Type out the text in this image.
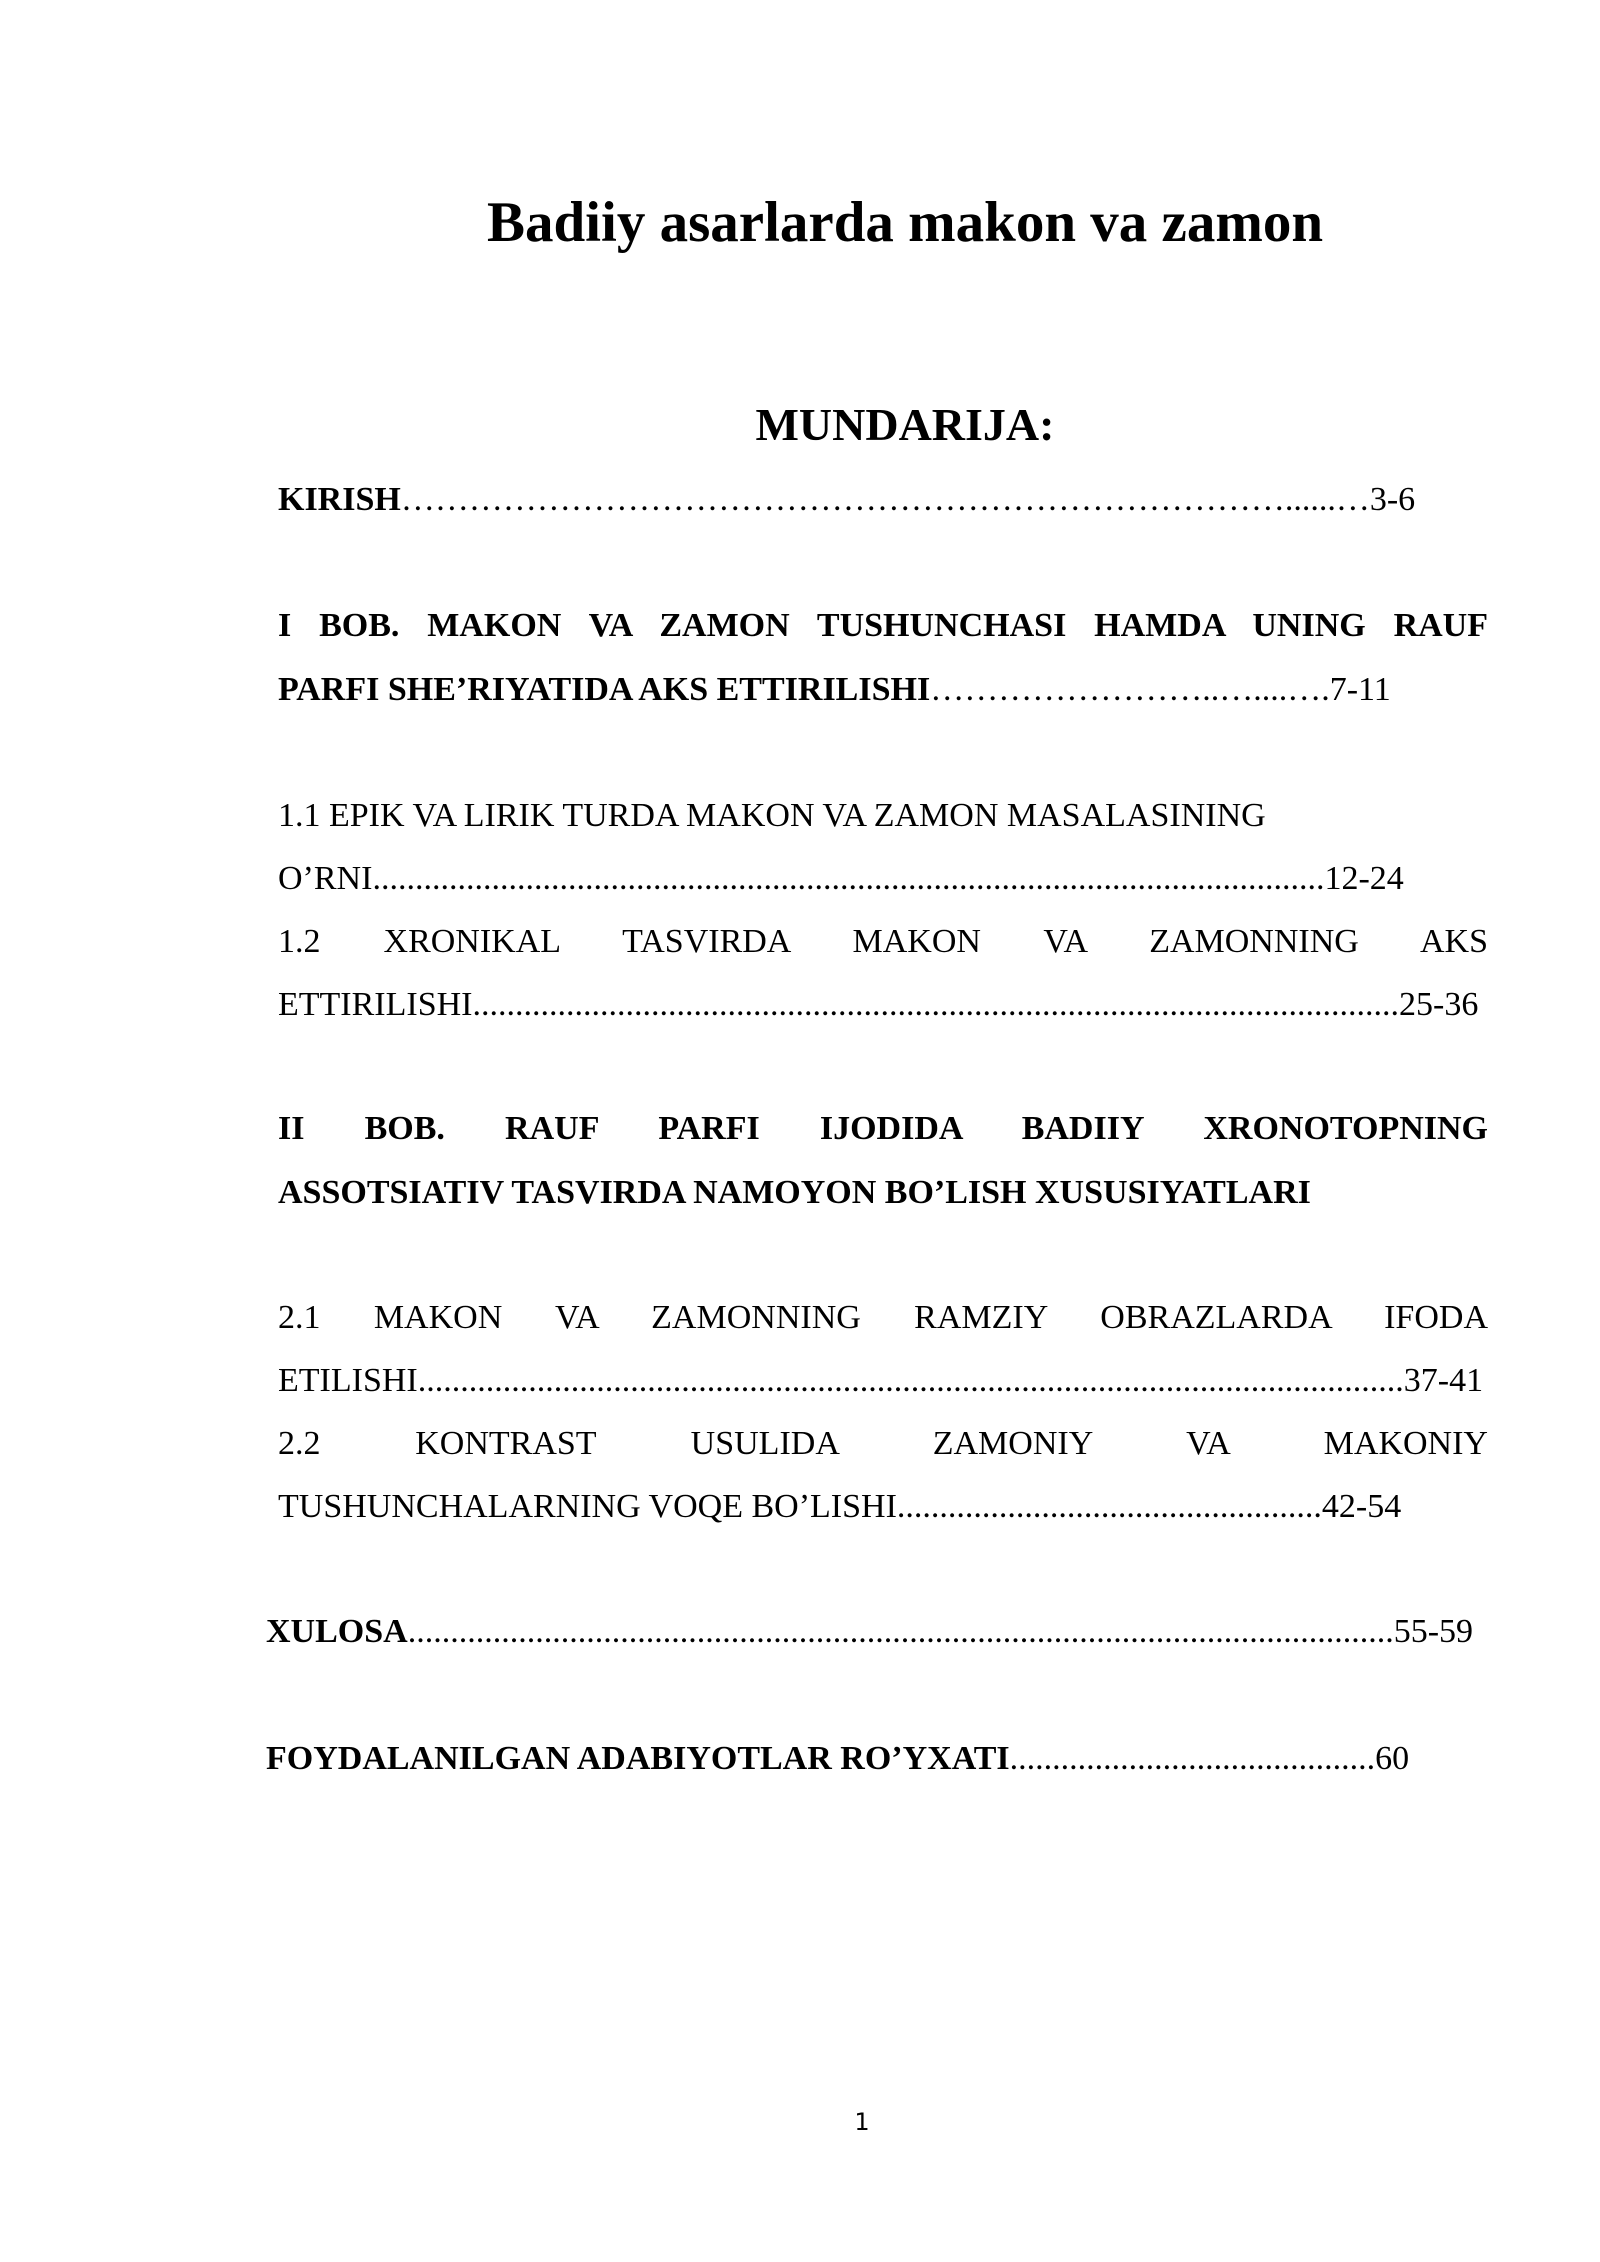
Badiiy asarlarda makon va zamon
MUNDARIJA:
KIRISH……………………………………………………………………......…3-6
I BOB. MAKON VA ZAMON TUSHUNCHASI HAMDA UNING RAUF
PARFI SHE’RIYATIDA AKS ETTIRILISHI……………………..…....….7-11
1.1 EPIK VA LIRIK TURDA MAKON VA ZAMON MASALASINING
O’RNI................................................................................................................12-24
1.2 XRONIKAL TASVIRDA MAKON VA ZAMONNING AKS
ETTIRILISHI.............................................................................................................25-36
II BOB. RAUF PARFI IJODIDA BADIIY XRONOTOPNING
ASSOTSIATIV TASVIRDA NAMOYON BO’LISH XUSUSIYATLARI
2.1 MAKON VA ZAMONNING RAMZIY OBRAZLARDA IFODA
ETILISHI....................................................................................................................37-41
2.2 KONTRAST USULIDA ZAMONIY VA MAKONIY
TUSHUNCHALARNING VOQE BO’LISHI..................................................42-54
XULOSA....................................................................................................................55-59
FOYDALANILGAN ADABIYOTLAR RO’YXATI...........................................60
1
